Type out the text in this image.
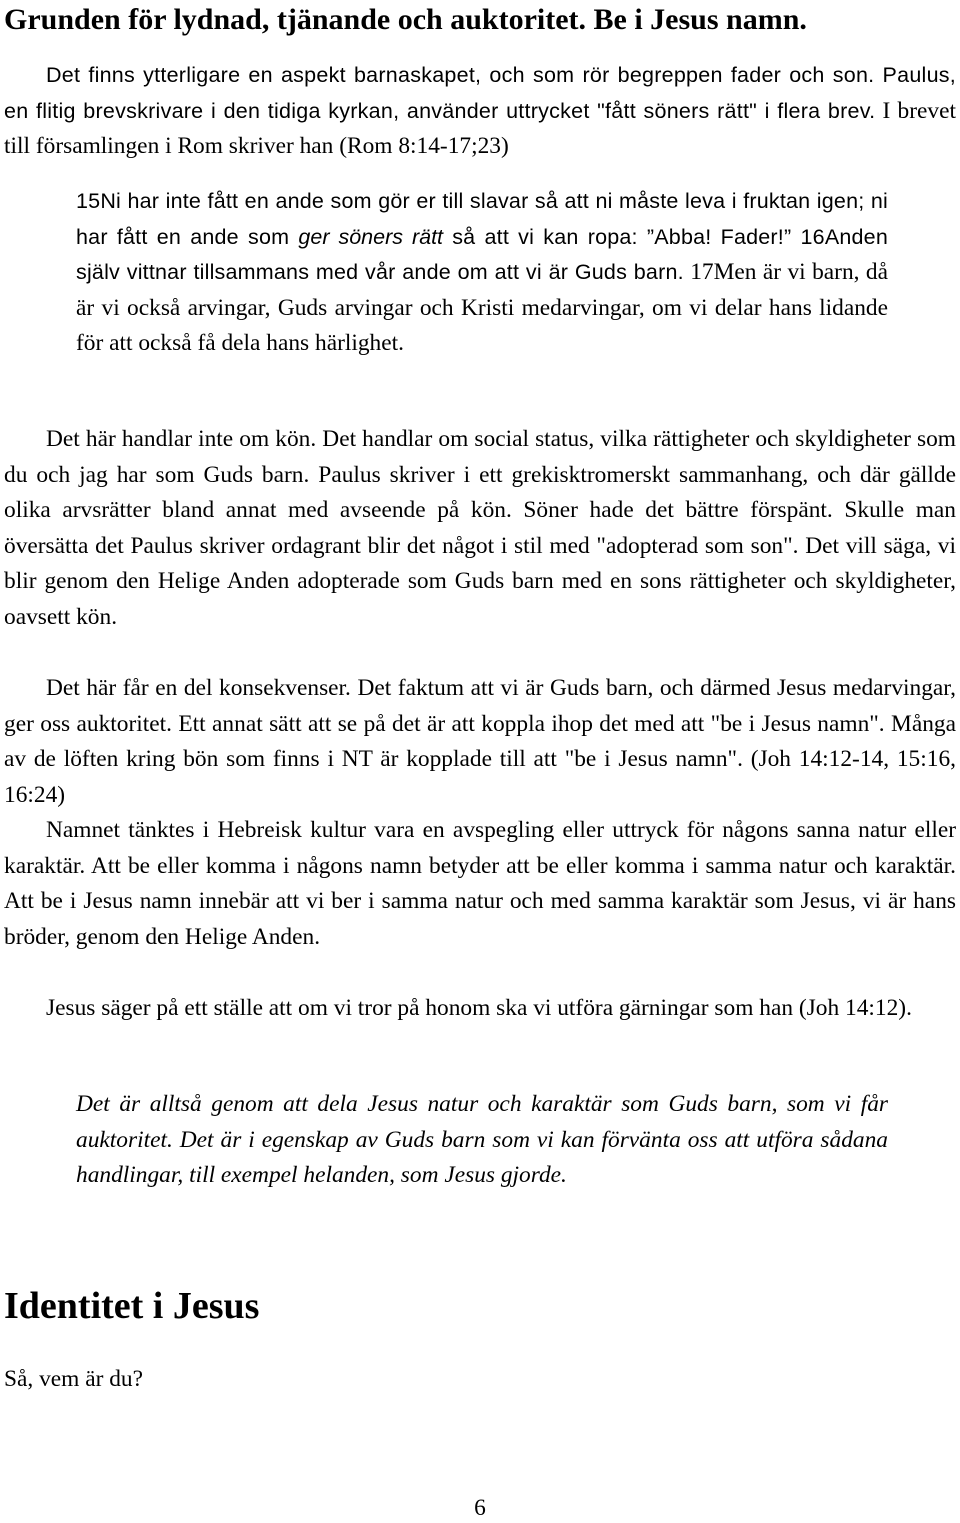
Grunden för lydnad, tjänande och auktoritet. Be i Jesus namn.

Det finns ytterligare en aspekt barnaskapet, och som rör begreppen fader och son. Paulus, en flitig brevskrivare i den tidiga kyrkan, använder uttrycket "fått söners rätt" i flera brev. I brevet till församlingen i Rom skriver han (Rom 8:14-17;23)

15Ni har inte fått en ande som gör er till slavar så att ni måste leva i fruktan igen; ni har fått en ande som ger söners rätt så att vi kan ropa: ”Abba! Fader!” 16Anden själv vittnar tillsammans med vår ande om att vi är Guds barn. 17Men är vi barn, då är vi också arvingar, Guds arvingar och Kristi medarvingar, om vi delar hans lidande för att också få dela hans härlighet.

Det här handlar inte om kön. Det handlar om social status, vilka rättigheter och skyldigheter som du och jag har som Guds barn. Paulus skriver i ett grekisktromerskt sammanhang, och där gällde olika arvsrätter bland annat med avseende på kön. Söner hade det bättre förspänt. Skulle man översätta det Paulus skriver ordagrant blir det något i stil med "adopterad som son". Det vill säga, vi blir genom den Helige Anden adopterade som Guds barn med en sons rättigheter och skyldigheter, oavsett kön.

Det här får en del konsekvenser. Det faktum att vi är Guds barn, och därmed Jesus medarvingar, ger oss auktoritet. Ett annat sätt att se på det är att koppla ihop det med att "be i Jesus namn". Många av de löften kring bön som finns i NT är kopplade till att "be i Jesus namn". (Joh 14:12-14, 15:16, 16:24)

Namnet tänktes i Hebreisk kultur vara en avspegling eller uttryck för någons sanna natur eller karaktär. Att be eller komma i någons namn betyder att be eller komma i samma natur och karaktär. Att be i Jesus namn innebär att vi ber i samma natur och med samma karaktär som Jesus, vi är hans bröder, genom den Helige Anden.

Jesus säger på ett ställe att om vi tror på honom ska vi utföra gärningar som han (Joh 14:12).

Det är alltså genom att dela Jesus natur och karaktär som Guds barn, som vi får auktoritet. Det är i egenskap av Guds barn som vi kan förvänta oss att utföra sådana handlingar, till exempel helanden, som Jesus gjorde.

Identitet i Jesus

Så, vem är du?

6
